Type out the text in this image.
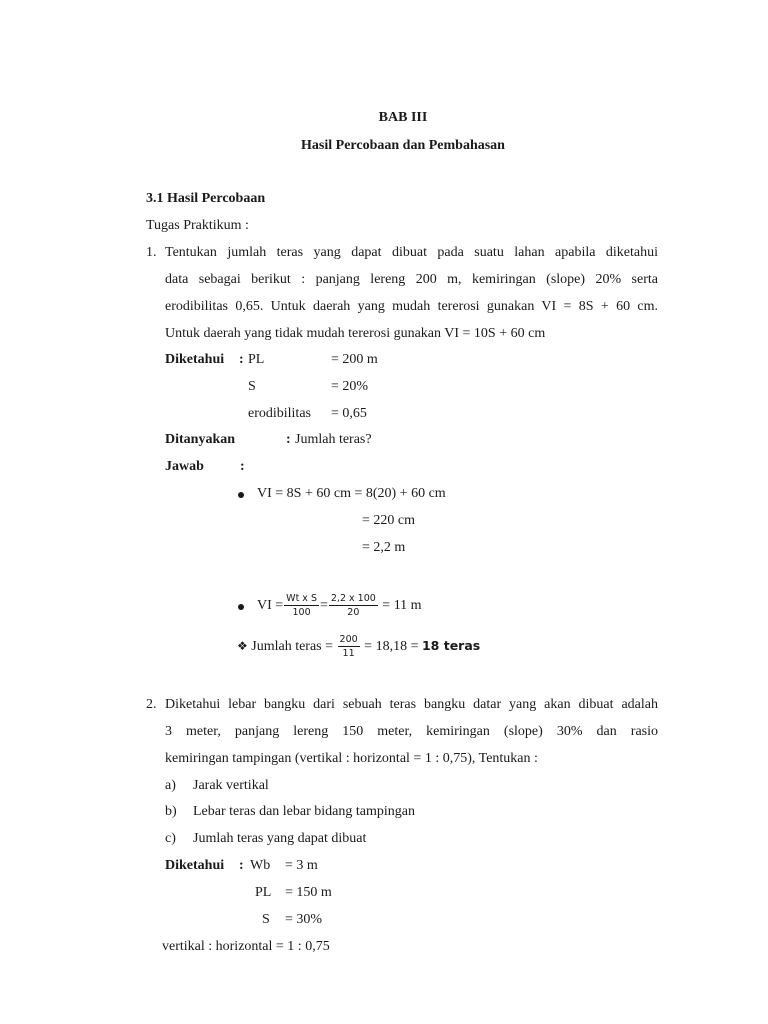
BAB III
Hasil Percobaan dan Pembahasan
3.1 Hasil Percobaan
Tugas Praktikum :
1. Tentukan jumlah teras yang dapat dibuat pada suatu lahan apabila diketahui
data sebagai berikut : panjang lereng 200 m, kemiringan (slope) 20% serta
erodibilitas 0,65. Untuk daerah yang mudah tererosi gunakan VI = 8S + 60 cm.
Untuk daerah yang tidak mudah tererosi gunakan VI = 10S + 60 cm
Diketahui : PL	= 200 m
S	= 20%
erodibilitas = 0,65
Ditanyakan	: Jumlah teras?
Jawab	:
VI = 8S + 60 cm = 8(20) + 60 cm
= 220 cm
= 2,2 m
VI = $\frac{\text{Wt x S}}{100} = \frac{2,2 x 100}{20} = 11$ m
❖ Jumlah teras = $\frac{200}{11} = 18,18 = 18$ teras
2. Diketahui lebar bangku dari sebuah teras bangku datar yang akan dibuat adalah
3 meter, panjang lereng 150 meter, kemiringan (slope) 30% dan rasio
kemiringan tampingan (vertikal : horizontal = 1 : 0,75), Tentukan :
a) Jarak vertikal
b) Lebar teras dan lebar bidang tampingan
c) Jumlah teras yang dapat dibuat
Diketahui : Wb = 3 m
PL = 150 m
S = 30%
vertikal : horizontal = 1 : 0,75
